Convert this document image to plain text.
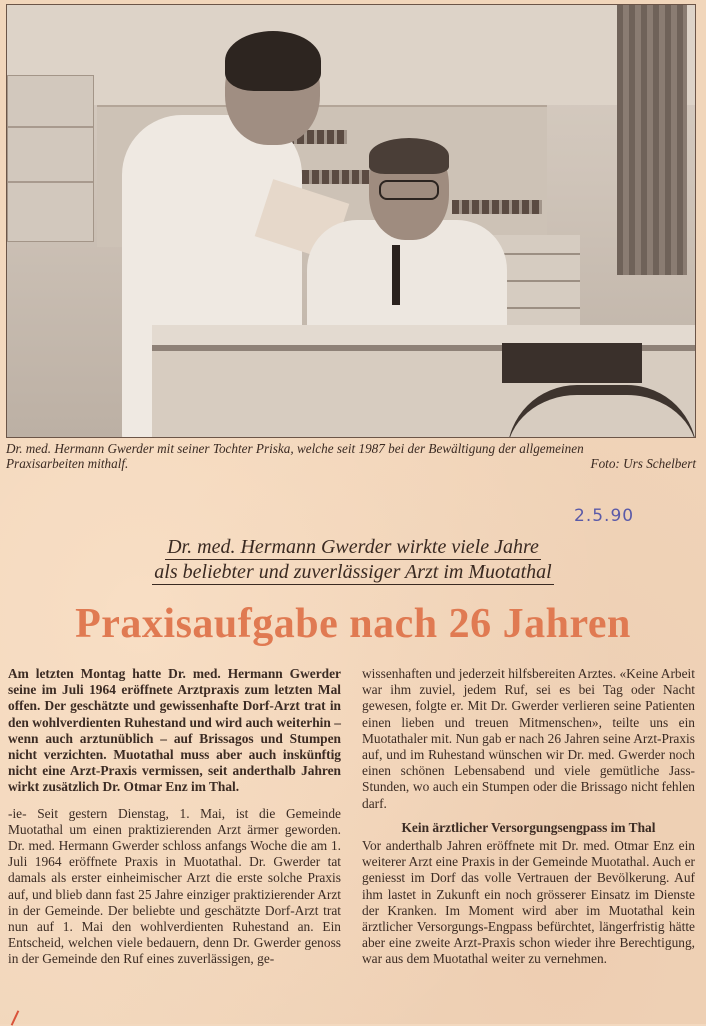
Dr. med. Hermann Gwerder mit seiner Tochter Priska, welche seit 1987 bei der Bewältigung der allgemeinen
Praxisarbeiten mithalf.	Foto: Urs Schelbert
2.5.90
Dr. med. Hermann Gwerder wirkte viele Jahre
als beliebter und zuverlässiger Arzt im Muotathal
Praxisaufgabe nach 26 Jahren

Am letzten Montag hatte Dr. med. Hermann Gwerder seine im Juli 1964 eröffnete Arztpraxis zum letzten Mal offen. Der geschätzte und gewissenhafte Dorf-Arzt trat in den wohlverdienten Ruhestand und wird auch weiterhin – wenn auch arztunüblich – auf Brissagos und Stumpen nicht verzichten. Muotathal muss aber auch inskünftig nicht eine Arzt-Praxis vermissen, seit anderthalb Jahren wirkt zusätzlich Dr. Otmar Enz im Thal.

-ie- Seit gestern Dienstag, 1. Mai, ist die Gemeinde Muotathal um einen praktizierenden Arzt ärmer geworden. Dr. med. Hermann Gwerder schloss anfangs Woche die am 1. Juli 1964 eröffnete Praxis in Muotathal. Dr. Gwerder tat damals als erster einheimischer Arzt die erste solche Praxis auf, und blieb dann fast 25 Jahre einziger praktizierender Arzt in der Gemeinde. Der beliebte und geschätzte Dorf-Arzt trat nun auf 1. Mai den wohlverdienten Ruhestand an. Ein Entscheid, welchen viele bedauern, denn Dr. Gwerder genoss in der Gemeinde den Ruf eines zuverlässigen, ge-

wissenhaften und jederzeit hilfsbereiten Arztes. «Keine Arbeit war ihm zuviel, jedem Ruf, sei es bei Tag oder Nacht gewesen, folgte er. Mit Dr. Gwerder verlieren seine Patienten einen lieben und treuen Mitmenschen», teilte uns ein Muotathaler mit. Nun gab er nach 26 Jahren seine Arzt-Praxis auf, und im Ruhestand wünschen wir Dr. med. Gwerder noch einen schönen Lebensabend und viele gemütliche Jass-Stunden, wo auch ein Stumpen oder die Brissago nicht fehlen darf.

Kein ärztlicher Versorgungsengpass im Thal

Vor anderthalb Jahren eröffnete mit Dr. med. Otmar Enz ein weiterer Arzt eine Praxis in der Gemeinde Muotathal. Auch er geniesst im Dorf das volle Vertrauen der Bevölkerung. Auf ihm lastet in Zukunft ein noch grösserer Einsatz im Dienste der Kranken. Im Moment wird aber im Muotathal kein ärztlicher Versorgungs-Engpass befürchtet, längerfristig hätte aber eine zweite Arzt-Praxis schon wieder ihre Berechtigung, war aus dem Muotathal weiter zu vernehmen.
